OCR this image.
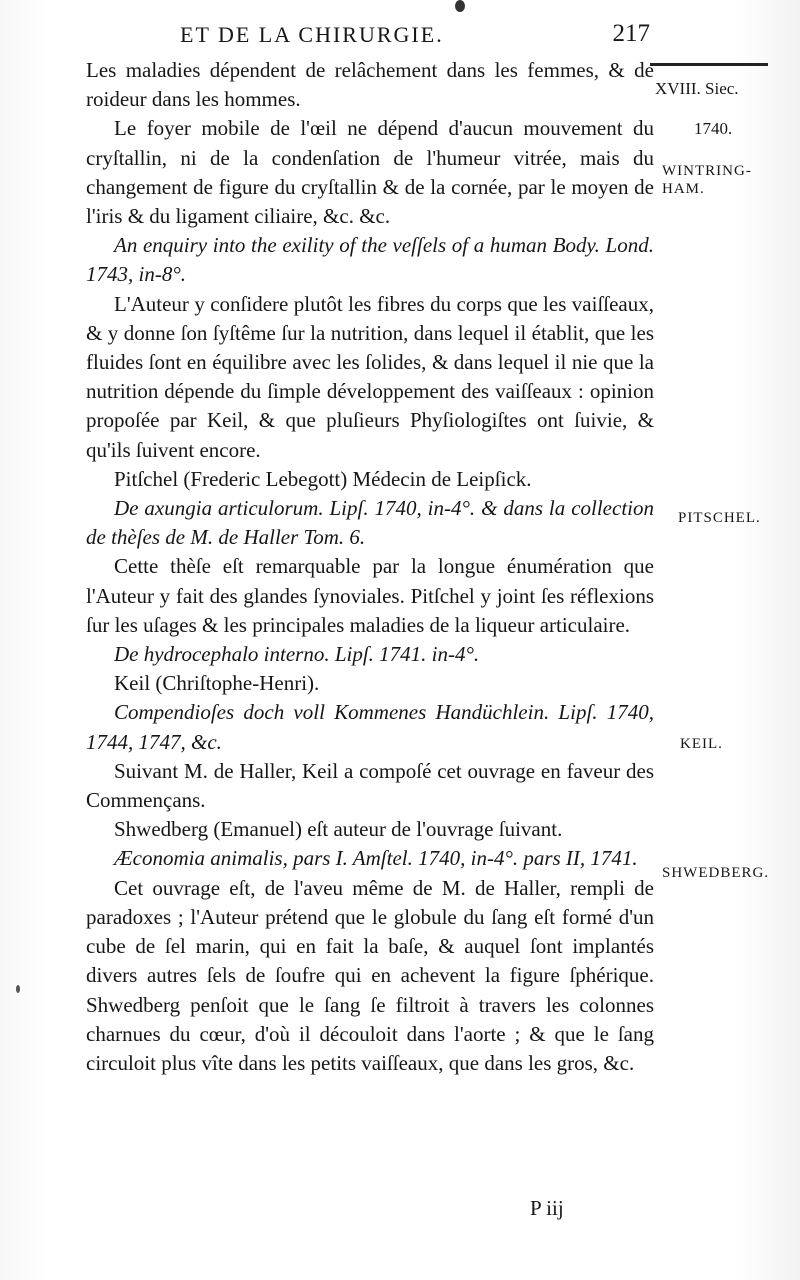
ET DE LA CHIRURGIE.	217
XVIII. Siec.
1740.
WINTRING-
HAM.
PITSCHEL.
KEIL.
SHWEDBERG.

Les maladies dépendent de relâchement dans les femmes, & de roideur dans les hommes.

Le foyer mobile de l'œil ne dépend d'aucun mouvement du cryſtallin, ni de la condenſation de l'humeur vitrée, mais du changement de figure du cryſtallin & de la cornée, par le moyen de l'iris & du ligament ciliaire, &c. &c.

An enquiry into the exility of the veſſels of a human Body. Lond. 1743, in-8°.

L'Auteur y conſidere plutôt les fibres du corps que les vaiſſeaux, & y donne ſon ſyſtême ſur la nutrition, dans lequel il établit, que les fluides ſont en équilibre avec les ſolides, & dans lequel il nie que la nutrition dépende du ſimple développement des vaiſſeaux : opinion propoſée par Keil, & que pluſieurs Phyſiologiſtes ont ſuivie, & qu'ils ſuivent encore.

Pitſchel (Frederic Lebegott) Médecin de Leipſick.

De axungia articulorum. Lipſ. 1740, in-4°. & dans la collection de thèſes de M. de Haller Tom. 6.

Cette thèſe eſt remarquable par la longue énumération que l'Auteur y fait des glandes ſynoviales. Pitſchel y joint ſes réflexions ſur les uſages & les principales maladies de la liqueur articulaire.

De hydrocephalo interno. Lipſ. 1741. in-4°.

Keil (Chriſtophe-Henri).

Compendioſes doch voll Kommenes Handüchlein. Lipſ. 1740, 1744, 1747, &c.

Suivant M. de Haller, Keil a compoſé cet ouvrage en faveur des Commençans.

Shwedberg (Emanuel) eſt auteur de l'ouvrage ſuivant.

Æconomia animalis, pars I. Amſtel. 1740, in-4°. pars II, 1741.

Cet ouvrage eſt, de l'aveu même de M. de Haller, rempli de paradoxes ; l'Auteur prétend que le globule du ſang eſt formé d'un cube de ſel marin, qui en fait la baſe, & auquel ſont implantés divers autres ſels de ſoufre qui en achevent la figure ſphérique. Shwedberg penſoit que le ſang ſe filtroit à travers les colonnes charnues du cœur, d'où il découloit dans l'aorte ; & que le ſang circuloit plus vîte dans les petits vaiſſeaux, que dans les gros, &c.

P iij
